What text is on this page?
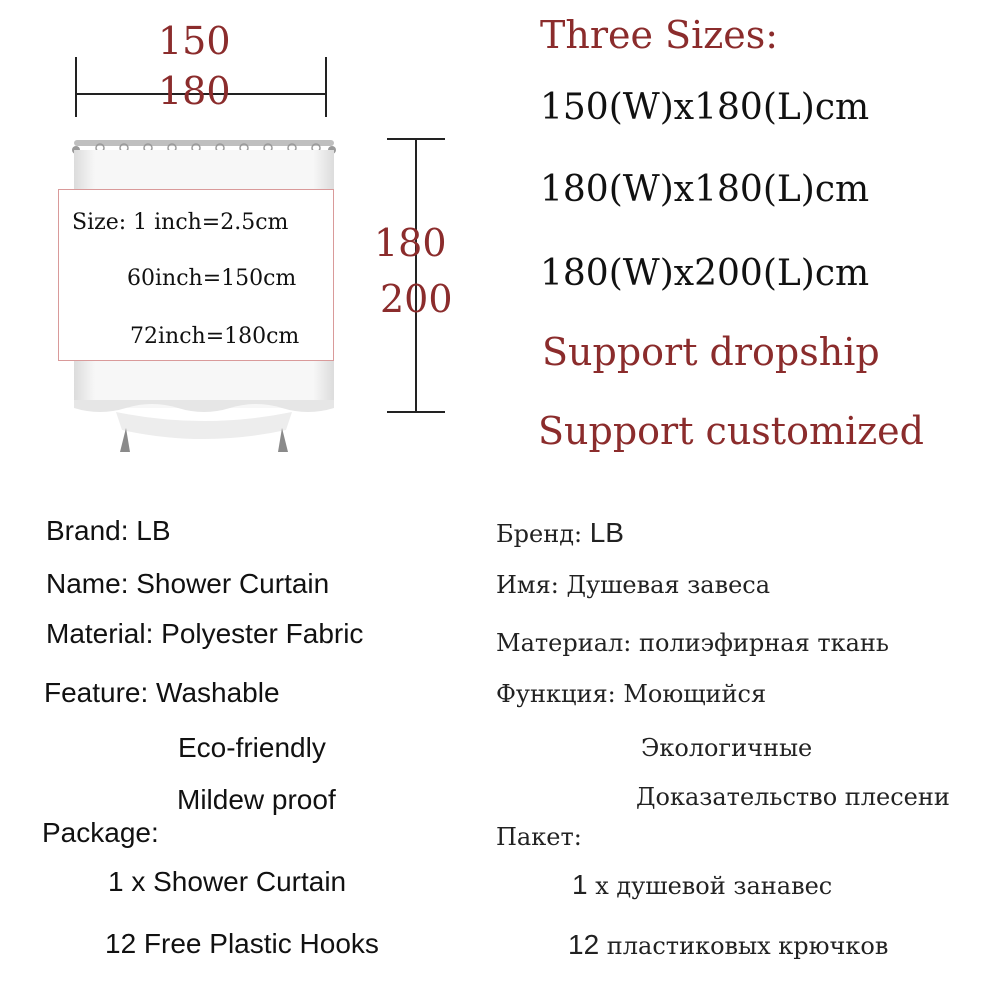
150
180
180
200
Size: 1 inch=2.5cm
60inch=150cm
72inch=180cm
Three Sizes:
150(W)x180(L)cm
180(W)x180(L)cm
180(W)x200(L)cm
Support dropship
Support customized
Brand: LB
Name: Shower Curtain
Material: Polyester Fabric
Feature: Washable
Eco-friendly
Mildew proof
Package:
1 x Shower Curtain
12 Free Plastic Hooks
Бренд: LB
Имя: Душевая завеса
Материал: полиэфирная ткань
Функция: Моющийся
Экологичные
Доказательство плесени
Пакет:
1 х душевой занавес
12 пластиковых крючков
